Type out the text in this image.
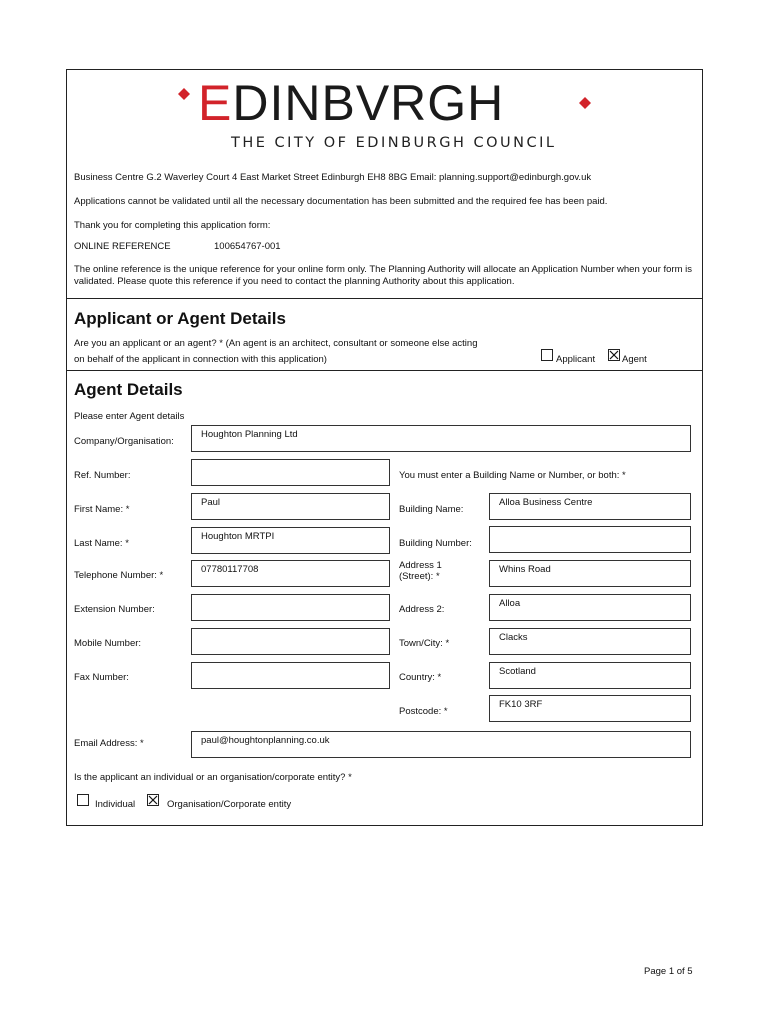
EDINBVRGH
THE CITY OF EDINBURGH COUNCIL
Business Centre G.2 Waverley Court 4 East Market Street Edinburgh EH8 8BG Email: planning.support@edinburgh.gov.uk
Applications cannot be validated until all the necessary documentation has been submitted and the required fee has been paid.
Thank you for completing this application form:
ONLINE REFERENCE	100654767-001
The online reference is the unique reference for your online form only. The Planning Authority will allocate an Application Number when your form is validated. Please quote this reference if you need to contact the planning Authority about this application.
Applicant or Agent Details
Are you an applicant or an agent? * (An agent is an architect, consultant or someone else acting
on behalf of the applicant in connection with this application)	Applicant	Agent
Agent Details
Please enter Agent details
Company/Organisation:
Houghton Planning Ltd
Ref. Number:	You must enter a Building Name or Number, or both: *
First Name: *
Paul
Last Name: *
Houghton MRTPI
Telephone Number: *
07780117708
Extension Number:
Mobile Number:
Fax Number:
Building Name:
Alloa Business Centre
Building Number:
Address 1
(Street): *
Whins Road
Address 2:
Alloa
Town/City: *
Clacks
Country: *
Scotland
Postcode: *
FK10 3RF
Email Address: *	paul@houghtonplanning.co.uk
Is the applicant an individual or an organisation/corporate entity? *
Individual	Organisation/Corporate entity
Page 1 of 5
